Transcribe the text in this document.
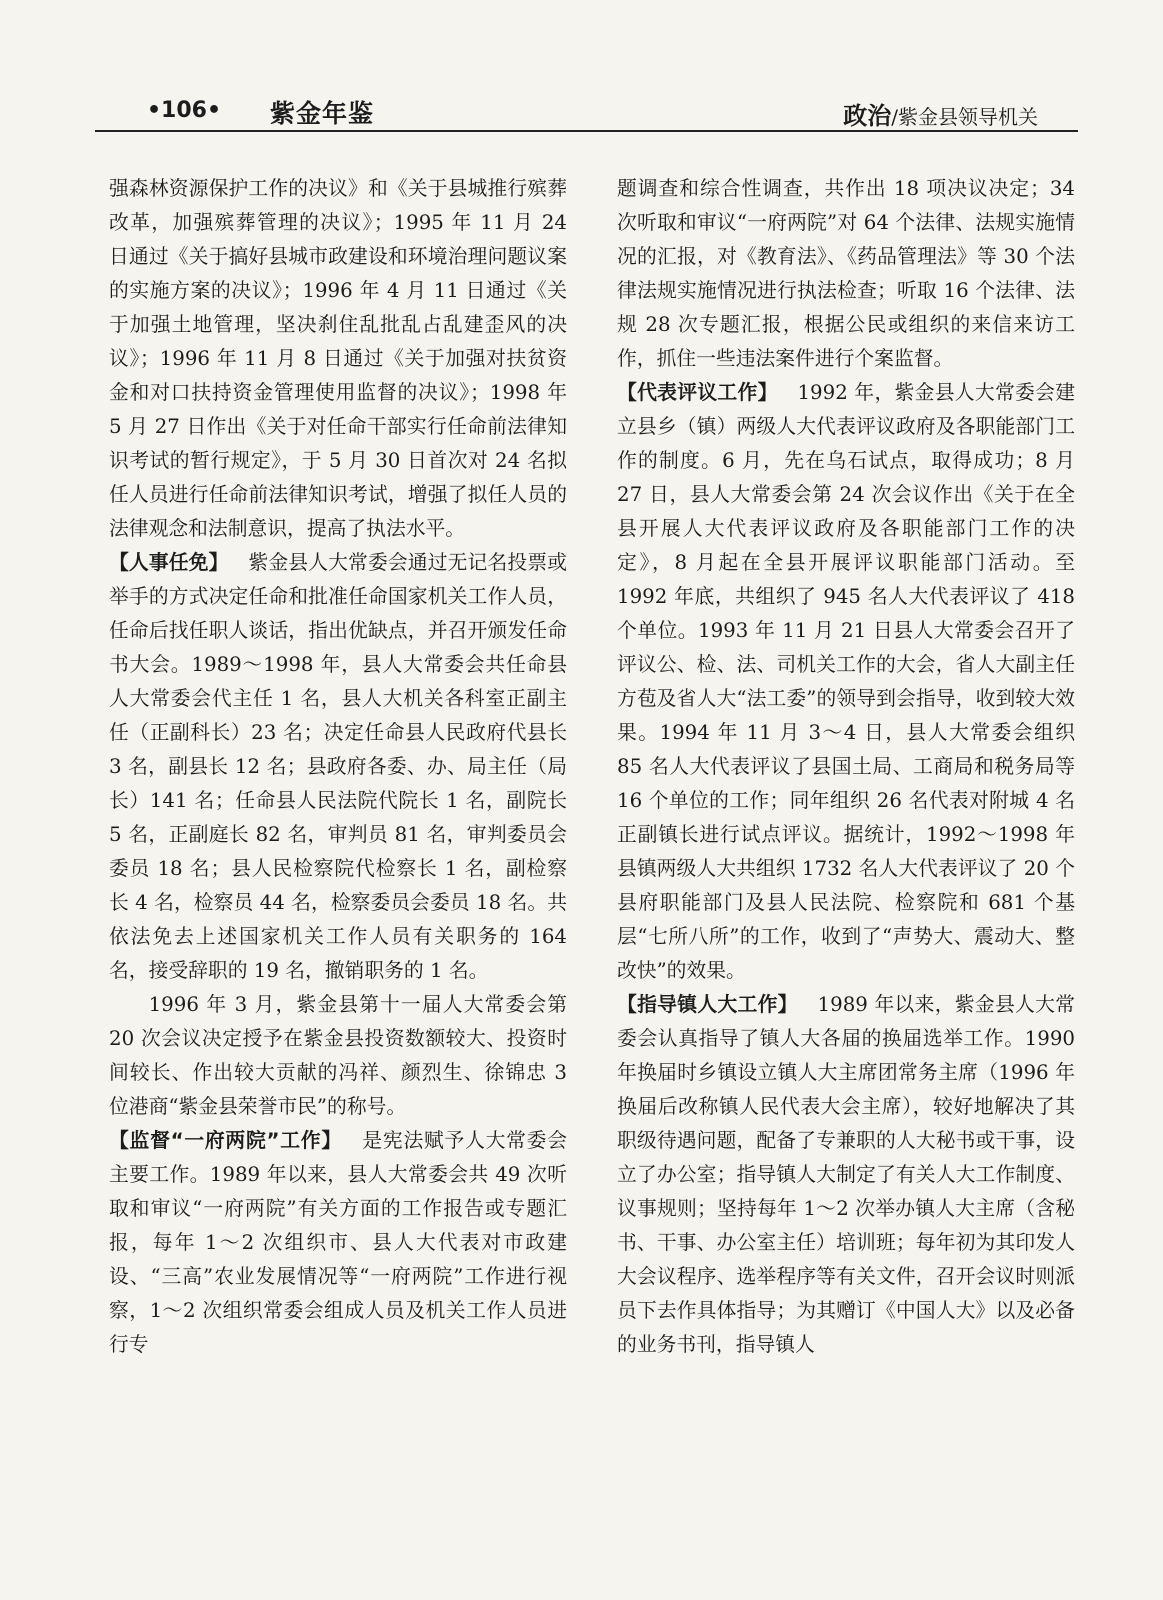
•106• 紫金年鉴	政治/紫金县领导机关

强森林资源保护工作的决议》和《关于县城推行殡葬改革，加强殡葬管理的决议》；1995 年 11 月 24 日通过《关于搞好县城市政建设和环境治理问题议案的实施方案的决议》；1996 年 4 月 11 日通过《关于加强土地管理，坚决刹住乱批乱占乱建歪风的决议》；1996 年 11 月 8 日通过《关于加强对扶贫资金和对口扶持资金管理使用监督的决议》；1998 年 5 月 27 日作出《关于对任命干部实行任命前法律知识考试的暂行规定》，于 5 月 30 日首次对 24 名拟任人员进行任命前法律知识考试，增强了拟任人员的法律观念和法制意识，提高了执法水平。

【人事任免】  紫金县人大常委会通过无记名投票或举手的方式决定任命和批准任命国家机关工作人员，任命后找任职人谈话，指出优缺点，并召开颁发任命书大会。1989～1998 年，县人大常委会共任命县人大常委会代主任 1 名，县人大机关各科室正副主任（正副科长）23 名；决定任命县人民政府代县长 3 名，副县长 12 名；县政府各委、办、局主任（局长）141 名；任命县人民法院代院长 1 名，副院长 5 名，正副庭长 82 名，审判员 81 名，审判委员会委员 18 名；县人民检察院代检察长 1 名，副检察长 4 名，检察员 44 名，检察委员会委员 18 名。共依法免去上述国家机关工作人员有关职务的 164 名，接受辞职的 19 名，撤销职务的 1 名。

1996 年 3 月，紫金县第十一届人大常委会第 20 次会议决定授予在紫金县投资数额较大、投资时间较长、作出较大贡献的冯祥、颜烈生、徐锦忠 3 位港商“紫金县荣誉市民”的称号。

【监督“一府两院”工作】  是宪法赋予人大常委会主要工作。1989 年以来，县人大常委会共 49 次听取和审议“一府两院”有关方面的工作报告或专题汇报，每年 1～2 次组织市、县人大代表对市政建设、“三高”农业发展情况等“一府两院”工作进行视察，1～2 次组织常委会组成人员及机关工作人员进行专

题调查和综合性调查，共作出 18 项决议决定；34 次听取和审议“一府两院”对 64 个法律、法规实施情况的汇报，对《教育法》、《药品管理法》等 30 个法律法规实施情况进行执法检查；听取 16 个法律、法规 28 次专题汇报，根据公民或组织的来信来访工作，抓住一些违法案件进行个案监督。

【代表评议工作】  1992 年，紫金县人大常委会建立县乡（镇）两级人大代表评议政府及各职能部门工作的制度。6 月，先在乌石试点，取得成功；8 月 27 日，县人大常委会第 24 次会议作出《关于在全县开展人大代表评议政府及各职能部门工作的决定》，8 月起在全县开展评议职能部门活动。至 1992 年底，共组织了 945 名人大代表评议了 418 个单位。1993 年 11 月 21 日县人大常委会召开了评议公、检、法、司机关工作的大会，省人大副主任方苞及省人大“法工委”的领导到会指导，收到较大效果。1994 年 11 月 3～4 日，县人大常委会组织 85 名人大代表评议了县国土局、工商局和税务局等 16 个单位的工作；同年组织 26 名代表对附城 4 名正副镇长进行试点评议。据统计，1992～1998 年县镇两级人大共组织 1732 名人大代表评议了 20 个县府职能部门及县人民法院、检察院和 681 个基层“七所八所”的工作，收到了“声势大、震动大、整改快”的效果。

【指导镇人大工作】  1989 年以来，紫金县人大常委会认真指导了镇人大各届的换届选举工作。1990 年换届时乡镇设立镇人大主席团常务主席（1996 年换届后改称镇人民代表大会主席），较好地解决了其职级待遇问题，配备了专兼职的人大秘书或干事，设立了办公室；指导镇人大制定了有关人大工作制度、议事规则；坚持每年 1～2 次举办镇人大主席（含秘书、干事、办公室主任）培训班；每年初为其印发人大会议程序、选举程序等有关文件，召开会议时则派员下去作具体指导；为其赠订《中国人大》以及必备的业务书刊，指导镇人
